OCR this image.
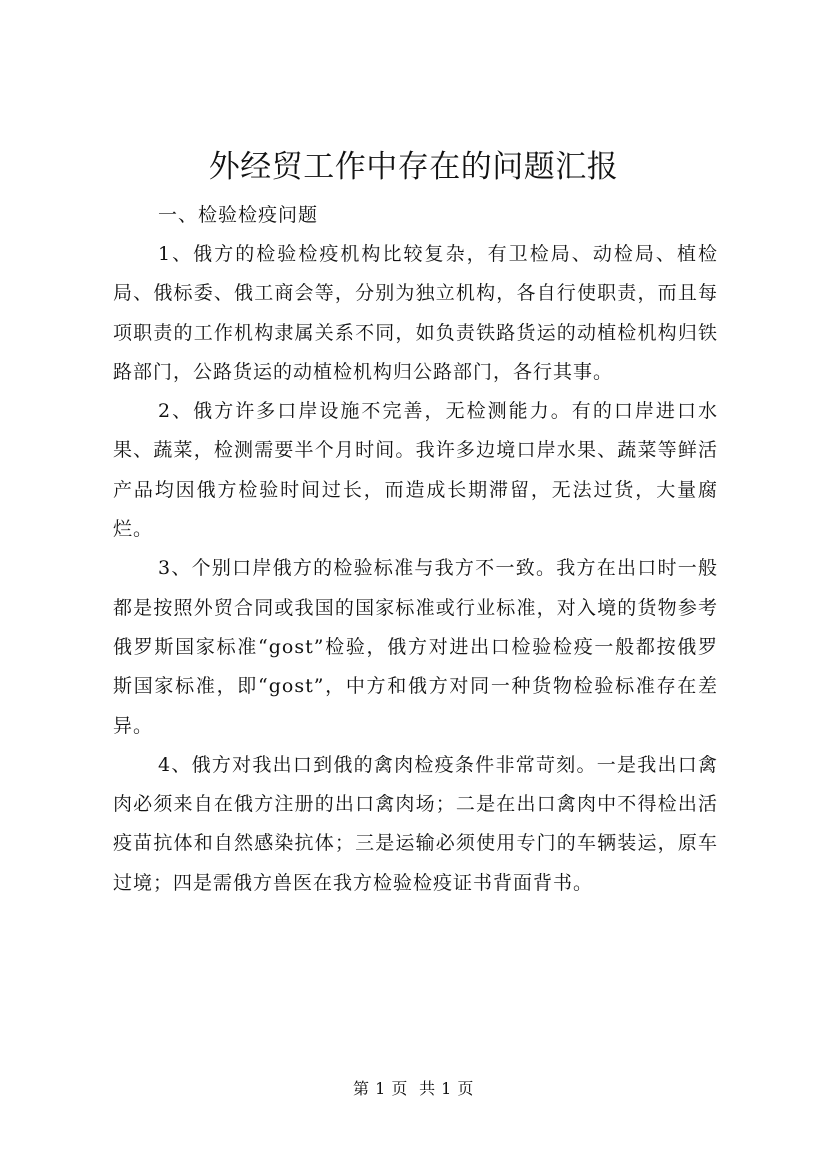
外经贸工作中存在的问题汇报

一、检验检疫问题

1、俄方的检验检疫机构比较复杂，有卫检局、动检局、植检局、俄标委、俄工商会等，分别为独立机构，各自行使职责，而且每项职责的工作机构隶属关系不同，如负责铁路货运的动植检机构归铁路部门，公路货运的动植检机构归公路部门，各行其事。

2、俄方许多口岸设施不完善，无检测能力。有的口岸进口水果、蔬菜，检测需要半个月时间。我许多边境口岸水果、蔬菜等鲜活产品均因俄方检验时间过长，而造成长期滞留，无法过货，大量腐烂。

3、个别口岸俄方的检验标准与我方不一致。我方在出口时一般都是按照外贸合同或我国的国家标准或行业标准，对入境的货物参考俄罗斯国家标准“gost”检验，俄方对进出口检验检疫一般都按俄罗斯国家标准，即“gost”，中方和俄方对同一种货物检验标准存在差异。

4、俄方对我出口到俄的禽肉检疫条件非常苛刻。一是我出口禽肉必须来自在俄方注册的出口禽肉场；二是在出口禽肉中不得检出活疫苗抗体和自然感染抗体；三是运输必须使用专门的车辆装运，原车过境；四是需俄方兽医在我方检验检疫证书背面背书。

第 1 页  共 1 页
